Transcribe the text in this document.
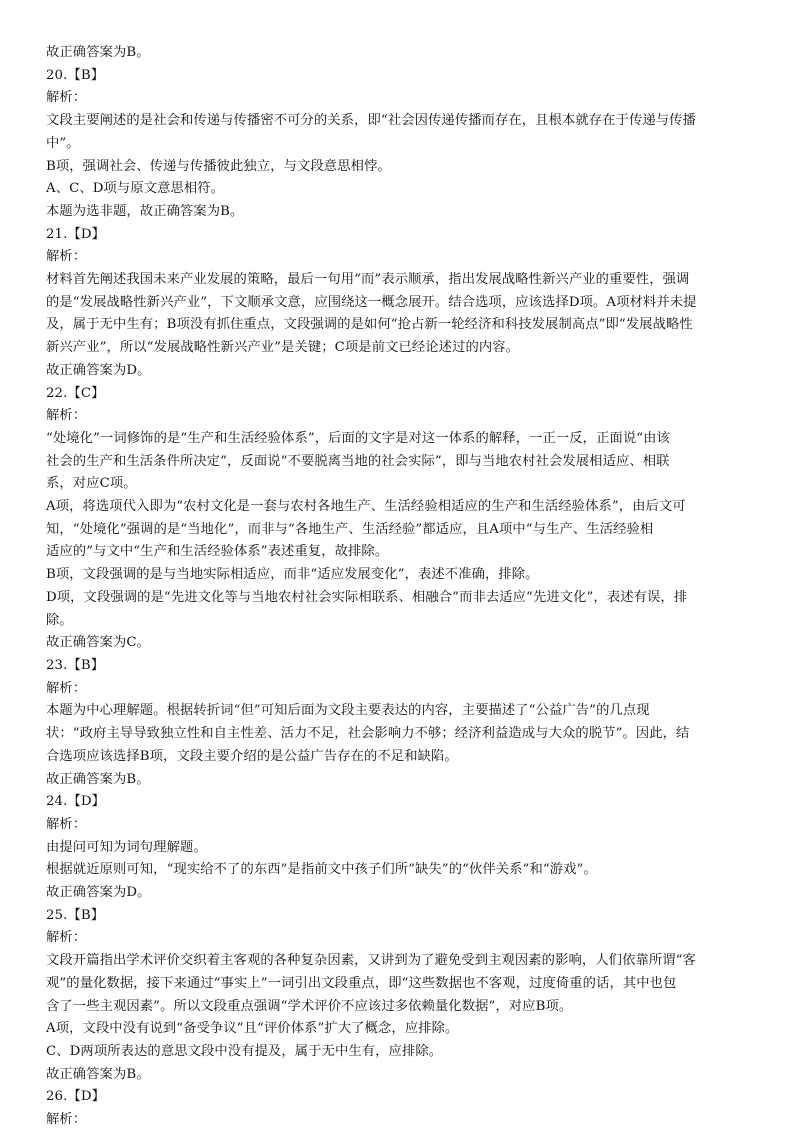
故正确答案为B。
20.【B】
解析：
文段主要阐述的是社会和传递与传播密不可分的关系，即“社会因传递传播而存在，且根本就存在于传递与传播
中”。
B项，强调社会、传递与传播彼此独立，与文段意思相悖。
A、C、D项与原文意思相符。
本题为选非题，故正确答案为B。
21.【D】
解析：
材料首先阐述我国未来产业发展的策略，最后一句用“而”表示顺承，指出发展战略性新兴产业的重要性，强调
的是“发展战略性新兴产业”，下文顺承文意，应围绕这一概念展开。结合选项，应该选择D项。A项材料并未提
及，属于无中生有；B项没有抓住重点，文段强调的是如何“抢占新一轮经济和科技发展制高点”即“发展战略性
新兴产业”，所以“发展战略性新兴产业”是关键；C项是前文已经论述过的内容。
故正确答案为D。
22.【C】
解析：
“处境化”一词修饰的是“生产和生活经验体系”，后面的文字是对这一体系的解释，一正一反，正面说“由该
社会的生产和生活条件所决定”，反面说“不要脱离当地的社会实际”，即与当地农村社会发展相适应、相联
系，对应C项。
A项，将选项代入即为“农村文化是一套与农村各地生产、生活经验相适应的生产和生活经验体系”，由后文可
知，“处境化”强调的是“当地化”，而非与“各地生产、生活经验”都适应，且A项中“与生产、生活经验相
适应的”与文中“生产和生活经验体系”表述重复，故排除。
B项，文段强调的是与当地实际相适应，而非“适应发展变化”，表述不准确，排除。
D项，文段强调的是“先进文化等与当地农村社会实际相联系、相融合”而非去适应“先进文化”，表述有误，排
除。
故正确答案为C。
23.【B】
解析：
本题为中心理解题。根据转折词“但”可知后面为文段主要表达的内容，主要描述了“公益广告”的几点现
状：“政府主导导致独立性和自主性差、活力不足，社会影响力不够；经济利益造成与大众的脱节”。因此，结
合选项应该选择B项，文段主要介绍的是公益广告存在的不足和缺陷。
故正确答案为B。
24.【D】
解析：
由提问可知为词句理解题。
根据就近原则可知，“现实给不了的东西”是指前文中孩子们所“缺失”的“伙伴关系”和“游戏”。
故正确答案为D。
25.【B】
解析：
文段开篇指出学术评价交织着主客观的各种复杂因素，又讲到为了避免受到主观因素的影响，人们依靠所谓“客
观”的量化数据，接下来通过“事实上”一词引出文段重点，即“这些数据也不客观，过度倚重的话，其中也包
含了一些主观因素”。所以文段重点强调“学术评价不应该过多依赖量化数据”，对应B项。
A项，文段中没有说到“备受争议”且“评价体系”扩大了概念，应排除。
C、D两项所表达的意思文段中没有提及，属于无中生有，应排除。
故正确答案为B。
26.【D】
解析：
